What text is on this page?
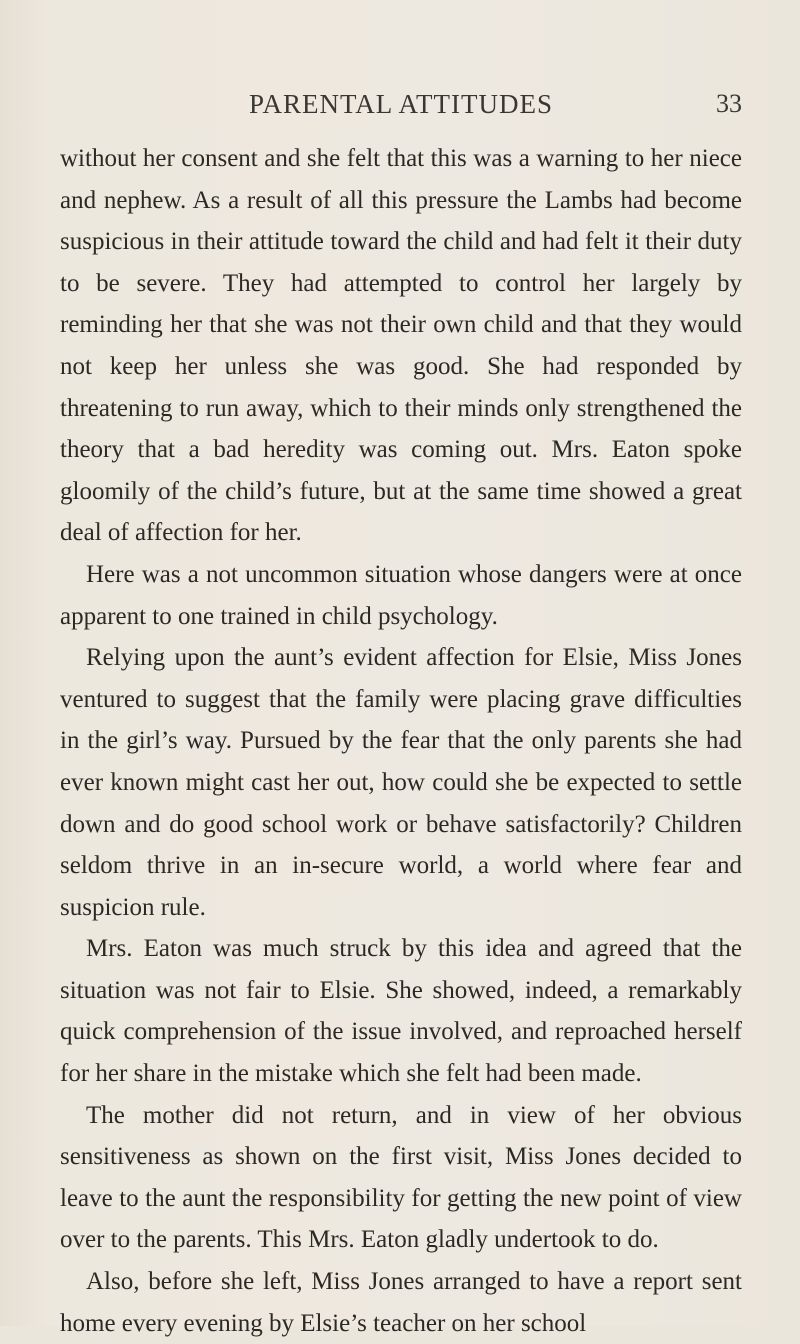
PARENTAL ATTITUDES	33

without her consent and she felt that this was a warning to her niece and nephew. As a result of all this pressure the Lambs had become suspicious in their attitude toward the child and had felt it their duty to be severe. They had attempted to control her largely by reminding her that she was not their own child and that they would not keep her unless she was good. She had responded by threatening to run away, which to their minds only strengthened the theory that a bad heredity was coming out. Mrs. Eaton spoke gloomily of the child’s future, but at the same time showed a great deal of affection for her.

Here was a not uncommon situation whose dangers were at once apparent to one trained in child psychology.

Relying upon the aunt’s evident affection for Elsie, Miss Jones ventured to suggest that the family were placing grave difficulties in the girl’s way. Pursued by the fear that the only parents she had ever known might cast her out, how could she be expected to settle down and do good school work or behave satisfactorily? Children seldom thrive in an in-secure world, a world where fear and suspicion rule.

Mrs. Eaton was much struck by this idea and agreed that the situation was not fair to Elsie. She showed, indeed, a remarkably quick comprehension of the issue involved, and reproached herself for her share in the mistake which she felt had been made.

The mother did not return, and in view of her obvious sensitiveness as shown on the first visit, Miss Jones decided to leave to the aunt the responsibility for getting the new point of view over to the parents. This Mrs. Eaton gladly undertook to do.

Also, before she left, Miss Jones arranged to have a report sent home every evening by Elsie’s teacher on her school
